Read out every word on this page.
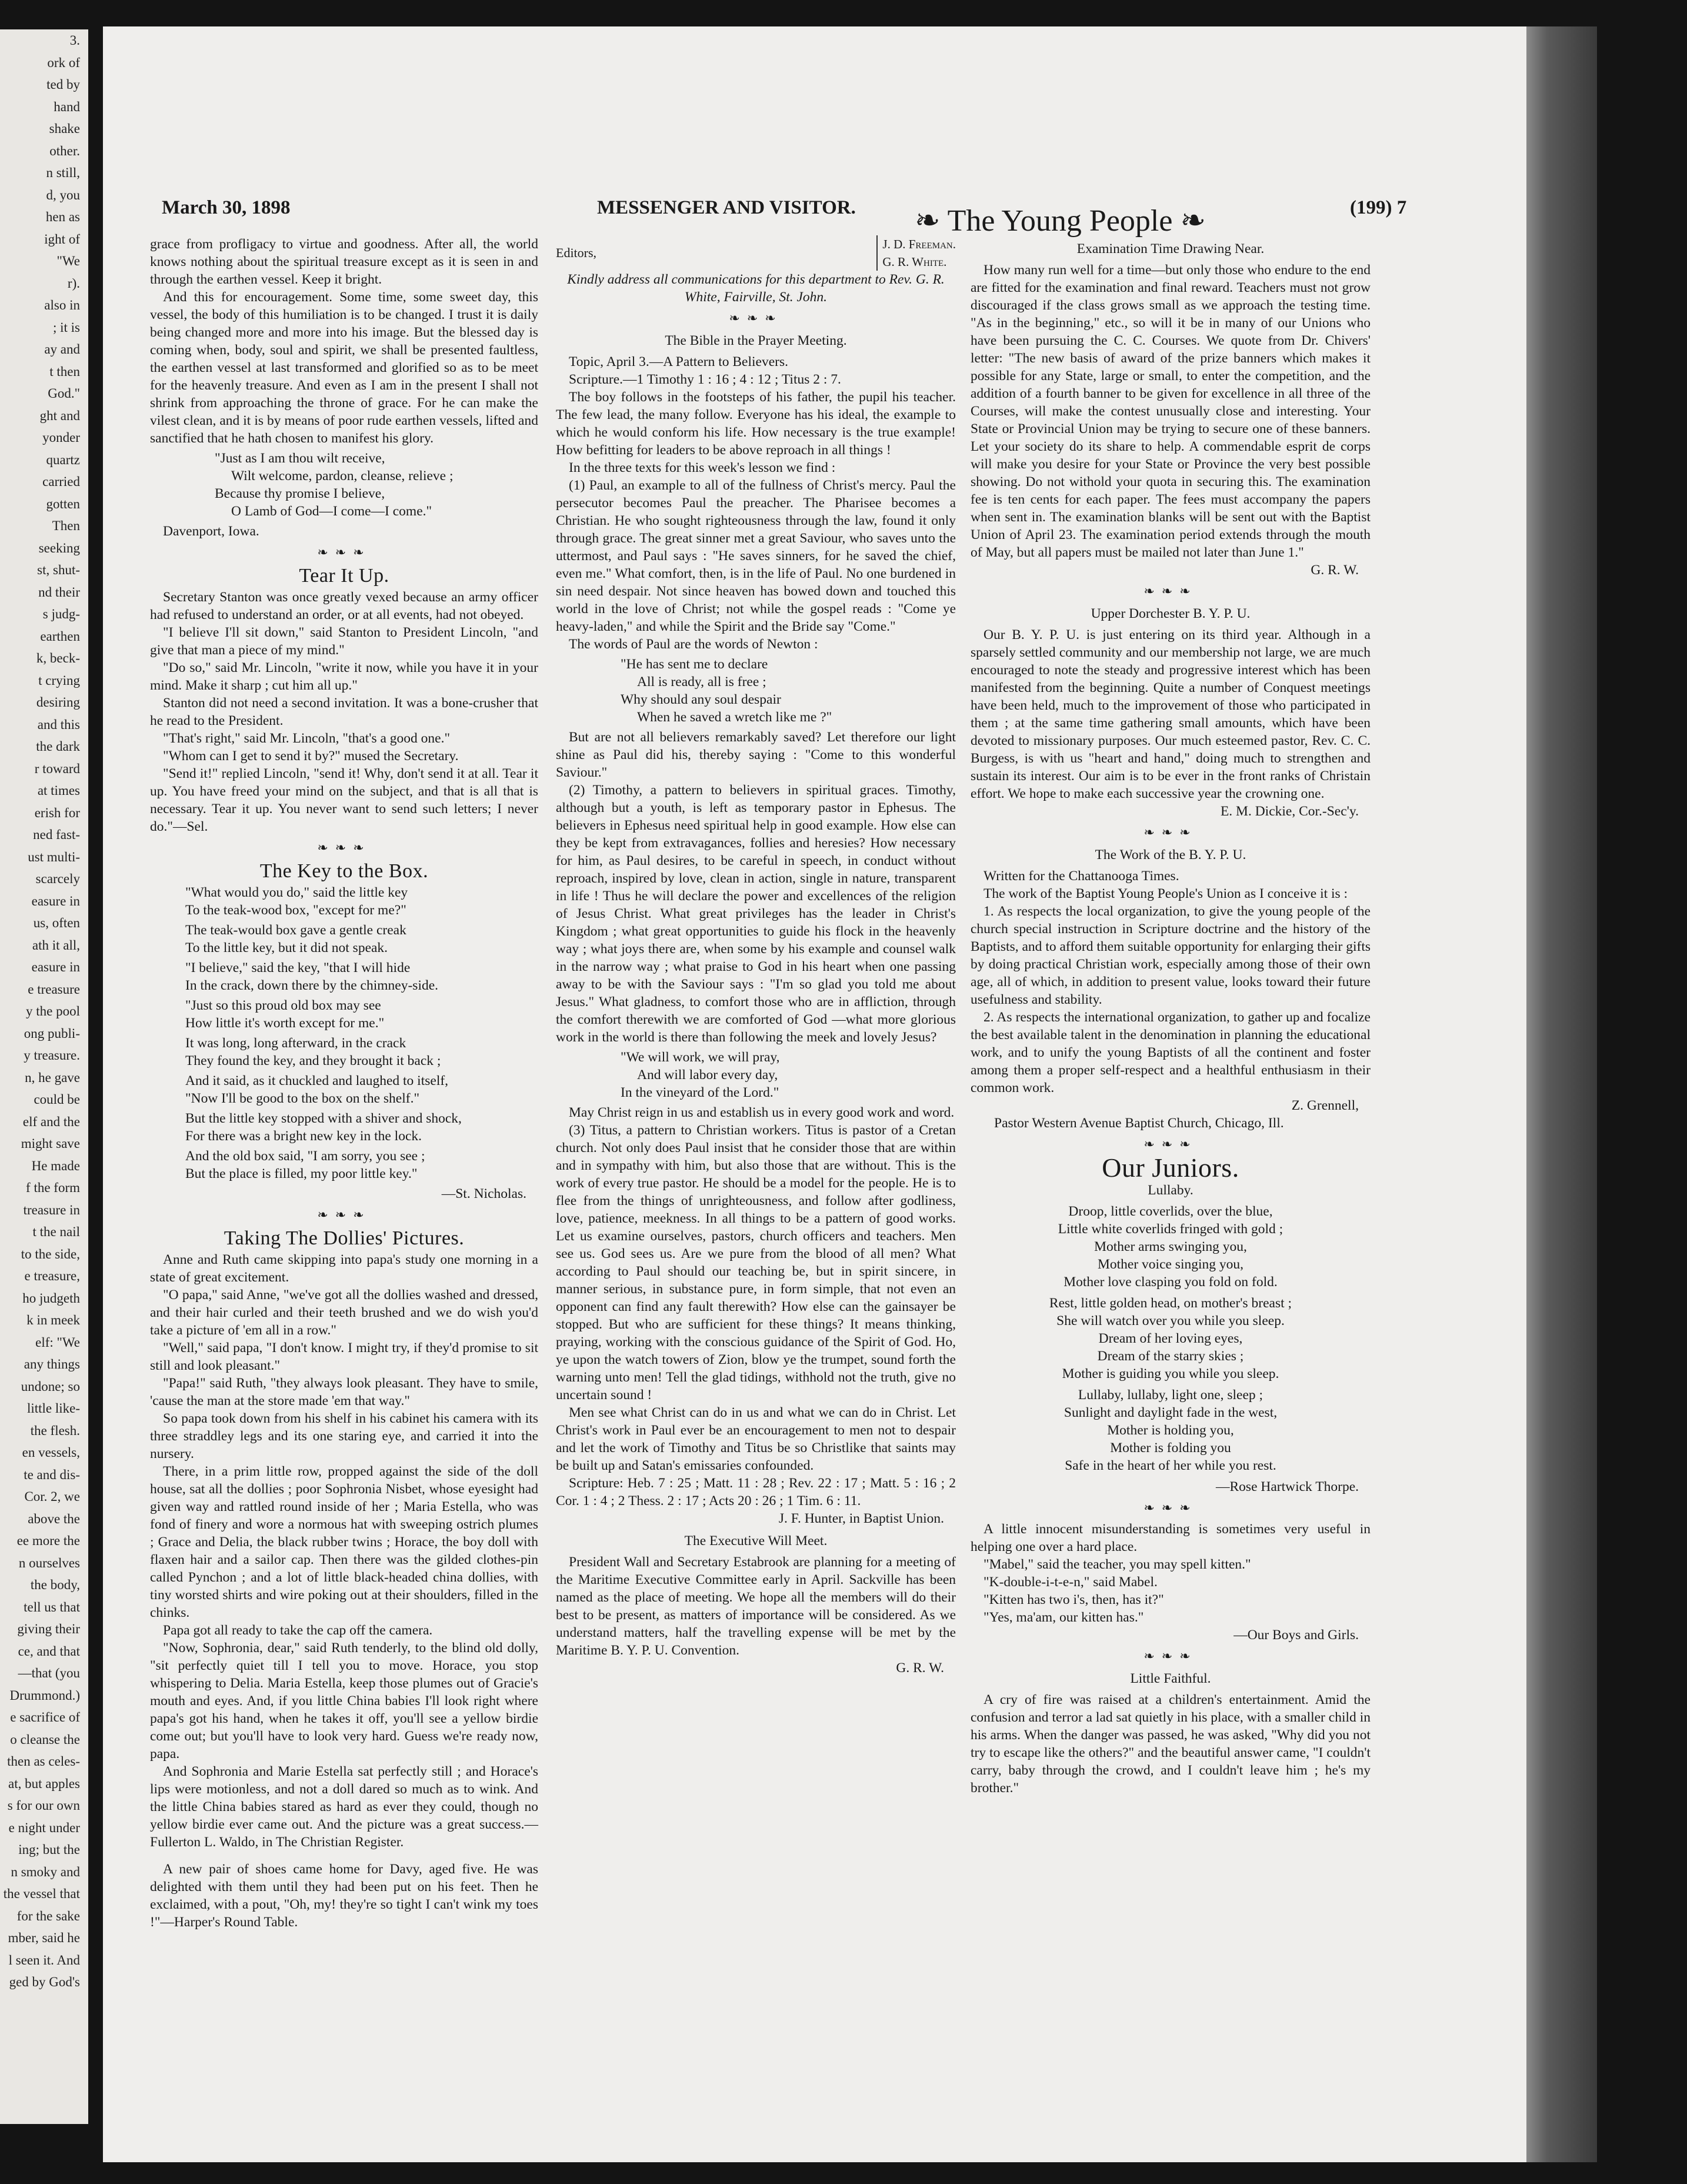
3.
ork of
ted by
hand
shake
other.
n still,
d, you
hen as
ight of
"We
r).
also in
; it is
ay and
t then
God."
ght and
yonder
quartz
carried
gotten
Then
seeking
st, shut-
nd their
s judg-
earthen
k, beck-
t crying
desiring
and this
the dark
r toward
at times
erish for
ned fast-
ust multi-
scarcely
easure in
us, often
ath it all,
easure in
e treasure
y the pool
ong publi-
y treasure.
n, he gave
could be
elf and the
might save
He made
f the form
treasure in
t the nail
to the side,
e treasure,
ho judgeth
k in meek
elf: "We
any things
undone; so
little like-
the flesh.
en vessels,
te and dis-
Cor. 2, we
above the
ee more the
n ourselves
the body,
tell us that
giving their
ce, and that
—that (you
Drummond.)
e sacrifice of
o cleanse the
then as celes-
at, but apples
s for our own
e night under
ing; but the
n smoky and
the vessel that
for the sake
mber, said he
l seen it. And
ged by God's
March 30, 1898	MESSENGER AND VISITOR.	(199) 7

grace from profligacy to virtue and goodness. After all, the world knows nothing about the spiritual treasure except as it is seen in and through the earthen vessel. Keep it bright.

And this for encouragement. Some time, some sweet day, this vessel, the body of this humiliation is to be changed. I trust it is daily being changed more and more into his image. But the blessed day is coming when, body, soul and spirit, we shall be presented faultless, the earthen vessel at last transformed and glorified so as to be meet for the heavenly treasure. And even as I am in the present I shall not shrink from approaching the throne of grace. For he can make the vilest clean, and it is by means of poor rude earthen vessels, lifted and sanctified that he hath chosen to manifest his glory.

"Just as I am thou wilt receive,
Wilt welcome, pardon, cleanse, relieve ;
Because thy promise I believe,
O Lamb of God—I come—I come."

Davenport, Iowa.

❧❧❧
Tear It Up.

Secretary Stanton was once greatly vexed because an army officer had refused to understand an order, or at all events, had not obeyed.

"I believe I'll sit down," said Stanton to President Lincoln, "and give that man a piece of my mind."

"Do so," said Mr. Lincoln, "write it now, while you have it in your mind. Make it sharp ; cut him all up."

Stanton did not need a second invitation. It was a bone-crusher that he read to the President.

"That's right," said Mr. Lincoln, "that's a good one."

"Whom can I get to send it by?" mused the Secretary.

"Send it!" replied Lincoln, "send it! Why, don't send it at all. Tear it up. You have freed your mind on the subject, and that is all that is necessary. Tear it up. You never want to send such letters; I never do."—Sel.

❧❧❧
The Key to the Box.
"What would you do," said the little key
To the teak-wood box, "except for me?"
The teak-would box gave a gentle creak
To the little key, but it did not speak.
"I believe," said the key, "that I will hide
In the crack, down there by the chimney-side.
"Just so this proud old box may see
How little it's worth except for me."
It was long, long afterward, in the crack
They found the key, and they brought it back ;
And it said, as it chuckled and laughed to itself,
"Now I'll be good to the box on the shelf."
But the little key stopped with a shiver and shock,
For there was a bright new key in the lock.
And the old box said, "I am sorry, you see ;
But the place is filled, my poor little key."

—St. Nicholas.

❧❧❧
Taking The Dollies' Pictures.

Anne and Ruth came skipping into papa's study one morning in a state of great excitement.

"O papa," said Anne, "we've got all the dollies washed and dressed, and their hair curled and their teeth brushed and we do wish you'd take a picture of 'em all in a row."

"Well," said papa, "I don't know. I might try, if they'd promise to sit still and look pleasant."

"Papa!" said Ruth, "they always look pleasant. They have to smile, 'cause the man at the store made 'em that way."

So papa took down from his shelf in his cabinet his camera with its three straddley legs and its one staring eye, and carried it into the nursery.

There, in a prim little row, propped against the side of the doll house, sat all the dollies ; poor Sophronia Nisbet, whose eyesight had given way and rattled round inside of her ; Maria Estella, who was fond of finery and wore a normous hat with sweeping ostrich plumes ; Grace and Delia, the black rubber twins ; Horace, the boy doll with flaxen hair and a sailor cap. Then there was the gilded clothes-pin called Pynchon ; and a lot of little black-headed china dollies, with tiny worsted shirts and wire poking out at their shoulders, filled in the chinks.

Papa got all ready to take the cap off the camera.

"Now, Sophronia, dear," said Ruth tenderly, to the blind old dolly, "sit perfectly quiet till I tell you to move. Horace, you stop whispering to Delia. Maria Estella, keep those plumes out of Gracie's mouth and eyes. And, if you little China babies I'll look right where papa's got his hand, when he takes it off, you'll see a yellow birdie come out; but you'll have to look very hard. Guess we're ready now, papa.

And Sophronia and Marie Estella sat perfectly still ; and Horace's lips were motionless, and not a doll dared so much as to wink. And the little China babies stared as hard as ever they could, though no yellow birdie ever came out. And the picture was a great success.—Fullerton L. Waldo, in The Christian Register.

A new pair of shoes came home for Davy, aged five. He was delighted with them until they had been put on his feet. Then he exclaimed, with a pout, "Oh, my! they're so tight I can't wink my toes !"—Harper's Round Table.

Editors,
J. D. Freeman.
G. R. White.

Kindly address all communications for this department to Rev. G. R. White, Fairville, St. John.

❧❧❧
The Bible in the Prayer Meeting.

Topic, April 3.—A Pattern to Believers.

Scripture.—1 Timothy 1 : 16 ; 4 : 12 ; Titus 2 : 7.

The boy follows in the footsteps of his father, the pupil his teacher. The few lead, the many follow. Everyone has his ideal, the example to which he would conform his life. How necessary is the true example! How befitting for leaders to be above reproach in all things !

In the three texts for this week's lesson we find :

(1) Paul, an example to all of the fullness of Christ's mercy. Paul the persecutor becomes Paul the preacher. The Pharisee becomes a Christian. He who sought righteousness through the law, found it only through grace. The great sinner met a great Saviour, who saves unto the uttermost, and Paul says : "He saves sinners, for he saved the chief, even me." What comfort, then, is in the life of Paul. No one burdened in sin need despair. Not since heaven has bowed down and touched this world in the love of Christ; not while the gospel reads : "Come ye heavy-laden," and while the Spirit and the Bride say "Come."

The words of Paul are the words of Newton :

"He has sent me to declare
All is ready, all is free ;
Why should any soul despair
When he saved a wretch like me ?"

But are not all believers remarkably saved? Let therefore our light shine as Paul did his, thereby saying : "Come to this wonderful Saviour."

(2) Timothy, a pattern to believers in spiritual graces. Timothy, although but a youth, is left as temporary pastor in Ephesus. The believers in Ephesus need spiritual help in good example. How else can they be kept from extravagances, follies and heresies? How necessary for him, as Paul desires, to be careful in speech, in conduct without reproach, inspired by love, clean in action, single in nature, transparent in life ! Thus he will declare the power and excellences of the religion of Jesus Christ. What great privileges has the leader in Christ's Kingdom ; what great opportunities to guide his flock in the heavenly way ; what joys there are, when some by his example and counsel walk in the narrow way ; what praise to God in his heart when one passing away to be with the Saviour says : "I'm so glad you told me about Jesus." What gladness, to comfort those who are in affliction, through the comfort therewith we are comforted of God —what more glorious work in the world is there than following the meek and lovely Jesus?

"We will work, we will pray,
And will labor every day,
In the vineyard of the Lord."

May Christ reign in us and establish us in every good work and word.

(3) Titus, a pattern to Christian workers. Titus is pastor of a Cretan church. Not only does Paul insist that he consider those that are within and in sympathy with him, but also those that are without. This is the work of every true pastor. He should be a model for the people. He is to flee from the things of unrighteousness, and follow after godliness, love, patience, meekness. In all things to be a pattern of good works. Let us examine ourselves, pastors, church officers and teachers. Men see us. God sees us. Are we pure from the blood of all men? What according to Paul should our teaching be, but in spirit sincere, in manner serious, in substance pure, in form simple, that not even an opponent can find any fault therewith? How else can the gainsayer be stopped. But who are sufficient for these things? It means thinking, praying, working with the conscious guidance of the Spirit of God. Ho, ye upon the watch towers of Zion, blow ye the trumpet, sound forth the warning unto men! Tell the glad tidings, withhold not the truth, give no uncertain sound !

Men see what Christ can do in us and what we can do in Christ. Let Christ's work in Paul ever be an encouragement to men not to despair and let the work of Timothy and Titus be so Christlike that saints may be built up and Satan's emissaries confounded.

Scripture: Heb. 7 : 25 ; Matt. 11 : 28 ; Rev. 22 : 17 ; Matt. 5 : 16 ; 2 Cor. 1 : 4 ; 2 Thess. 2 : 17 ; Acts 20 : 26 ; 1 Tim. 6 : 11.

J. F. Hunter, in Baptist Union.

The Executive Will Meet.

President Wall and Secretary Estabrook are planning for a meeting of the Maritime Executive Committee early in April. Sackville has been named as the place of meeting. We hope all the members will do their best to be present, as matters of importance will be considered. As we understand matters, half the travelling expense will be met by the Maritime B. Y. P. U. Convention.

G. R. W.

Examination Time Drawing Near.

How many run well for a time—but only those who endure to the end are fitted for the examination and final reward. Teachers must not grow discouraged if the class grows small as we approach the testing time. "As in the beginning," etc., so will it be in many of our Unions who have been pursuing the C. C. Courses. We quote from Dr. Chivers' letter: "The new basis of award of the prize banners which makes it possible for any State, large or small, to enter the competition, and the addition of a fourth banner to be given for excellence in all three of the Courses, will make the contest unusually close and interesting. Your State or Provincial Union may be trying to secure one of these banners. Let your society do its share to help. A commendable esprit de corps will make you desire for your State or Province the very best possible showing. Do not withold your quota in securing this. The examination fee is ten cents for each paper. The fees must accompany the papers when sent in. The examination blanks will be sent out with the Baptist Union of April 23. The examination period extends through the mouth of May, but all papers must be mailed not later than June 1."

G. R. W.

❧❧❧
Upper Dorchester B. Y. P. U.

Our B. Y. P. U. is just entering on its third year. Although in a sparsely settled community and our membership not large, we are much encouraged to note the steady and progressive interest which has been manifested from the beginning. Quite a number of Conquest meetings have been held, much to the improvement of those who participated in them ; at the same time gathering small amounts, which have been devoted to missionary purposes. Our much esteemed pastor, Rev. C. C. Burgess, is with us "heart and hand," doing much to strengthen and sustain its interest. Our aim is to be ever in the front ranks of Christain effort. We hope to make each successive year the crowning one.

E. M. Dickie, Cor.-Sec'y.

❧❧❧
The Work of the B. Y. P. U.

Written for the Chattanooga Times.

The work of the Baptist Young People's Union as I conceive it is :

1. As respects the local organization, to give the young people of the church special instruction in Scripture doctrine and the history of the Baptists, and to afford them suitable opportunity for enlarging their gifts by doing practical Christian work, especially among those of their own age, all of which, in addition to present value, looks toward their future usefulness and stability.

2. As respects the international organization, to gather up and focalize the best available talent in the denomination in planning the educational work, and to unify the young Baptists of all the continent and foster among them a proper self-respect and a healthful enthusiasm in their common work.

Z. Grennell,

Pastor Western Avenue Baptist Church, Chicago, Ill.

❧❧❧
Our Juniors.
Lullaby.
Droop, little coverlids, over the blue,
Little white coverlids fringed with gold ;
Mother arms swinging you,
Mother voice singing you,
Mother love clasping you fold on fold.
Rest, little golden head, on mother's breast ;
She will watch over you while you sleep.
Dream of her loving eyes,
Dream of the starry skies ;
Mother is guiding you while you sleep.
Lullaby, lullaby, light one, sleep ;
Sunlight and daylight fade in the west,
Mother is holding you,
Mother is folding you
Safe in the heart of her while you rest.

—Rose Hartwick Thorpe.

❧❧❧

A little innocent misunderstanding is sometimes very useful in helping one over a hard place.

"Mabel," said the teacher, you may spell kitten."

"K-double-i-t-e-n," said Mabel.

"Kitten has two i's, then, has it?"

"Yes, ma'am, our kitten has."

—Our Boys and Girls.

❧❧❧
Little Faithful.

A cry of fire was raised at a children's entertainment. Amid the confusion and terror a lad sat quietly in his place, with a smaller child in his arms. When the danger was passed, he was asked, "Why did you not try to escape like the others?" and the beautiful answer came, "I couldn't carry, baby through the crowd, and I couldn't leave him ; he's my brother."

❧ The Young People ❧
